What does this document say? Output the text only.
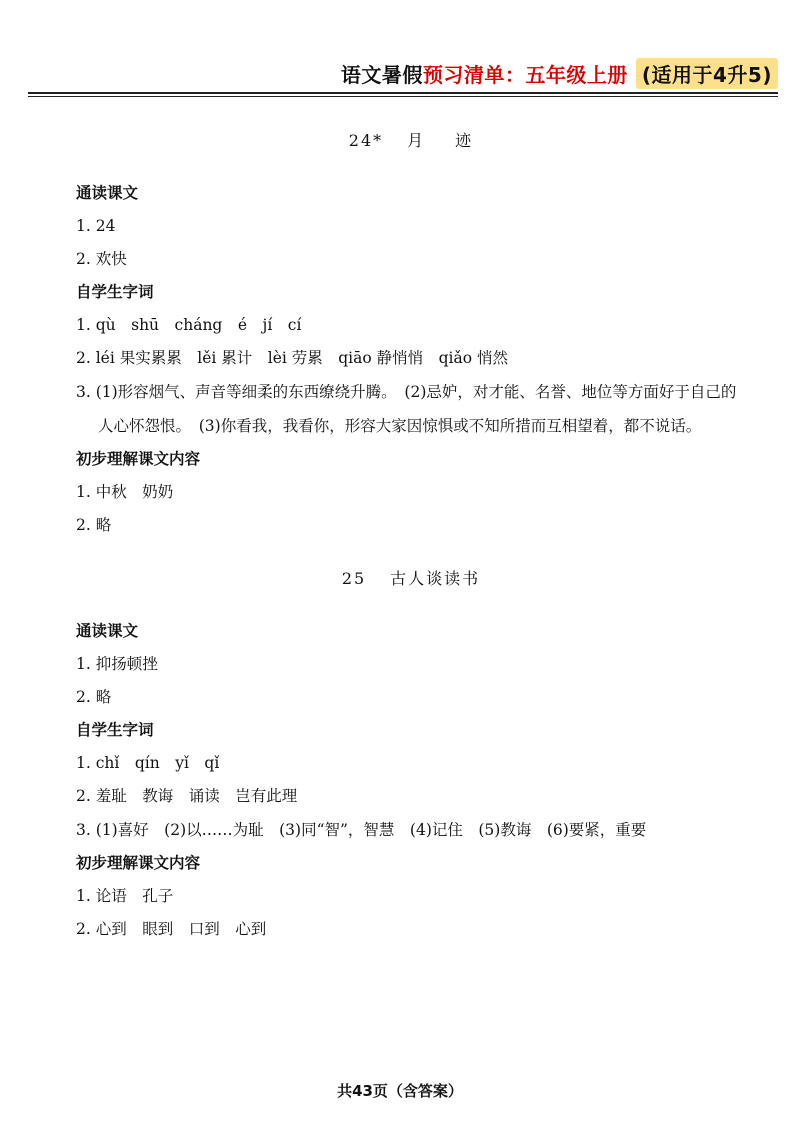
语文暑假 预习清单：五年级上册 (适用于4升5)
24* 月 迹

通读课文

1. 24

2. 欢快

自学生字词

1. qù　shū　cháng　é　jí　cí

2. léi 果实累累　lěi 累计　lèi 劳累　qiāo 静悄悄　qiǎo 悄然

3. (1)形容烟气、声音等细柔的东西缭绕升腾。　(2)忌妒，对才能、名誉、地位等方面好于自己的人心怀怨恨。　(3)你看我，我看你，形容大家因惊惧或不知所措而互相望着，都不说话。

初步理解课文内容

1. 中秋　奶奶

2. 略

25 古人谈读书

通读课文

1. 抑扬顿挫

2. 略

自学生字词

1. chǐ　qín　yǐ　qǐ

2. 羞耻　教诲　诵读　岂有此理

3. (1)喜好　(2)以……为耻　(3)同“智”，智慧　(4)记住　(5)教诲　(6)要紧，重要

初步理解课文内容

1. 论语　孔子

2. 心到　眼到　口到　心到

共43页（含答案）
